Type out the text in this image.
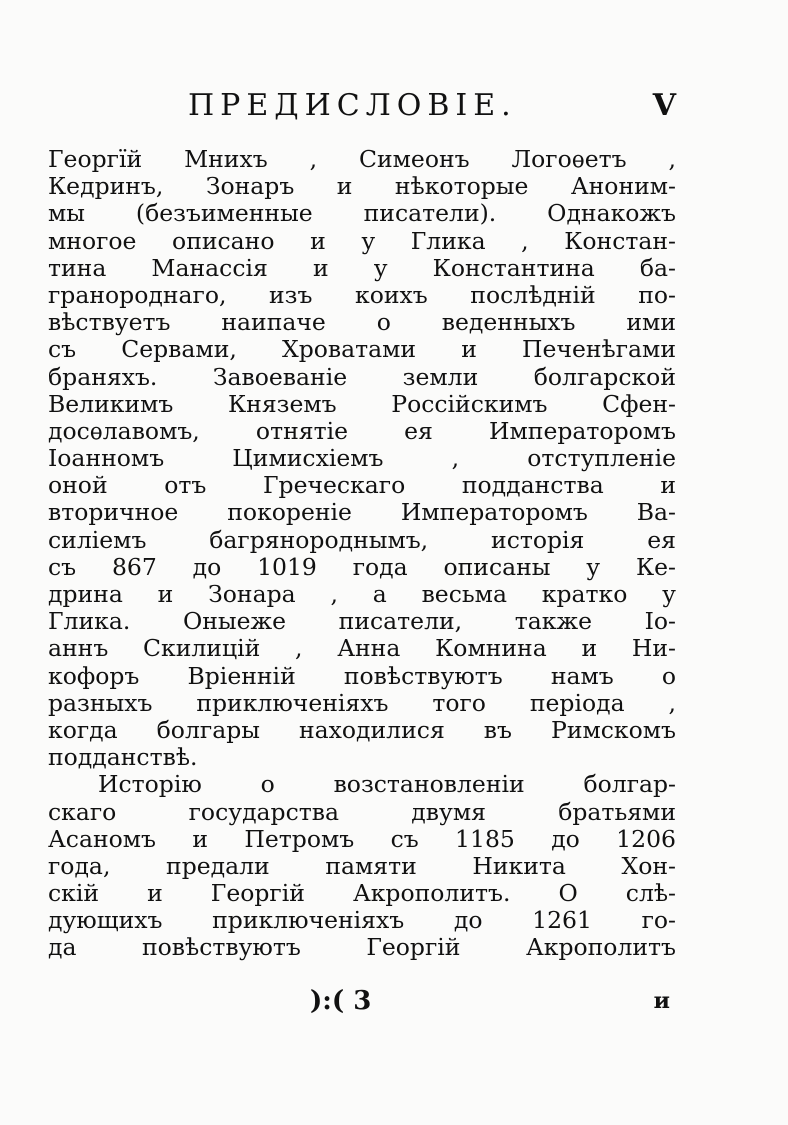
ПРЕДИСЛОВІЕ.	V
Георгїй Мнихъ , Симеонъ Логоѳетъ ,
Кедринъ, Зонаръ и нѣкоторые Аноним-
мы (безъименные писатели). Однакожъ
многое описано и у Глика , Констан-
тина Манассія и у Константина ба-
гранороднаго, изъ коихъ послѣдній по-
вѣствуетъ наипаче о веденныхъ ими
съ Сервами, Хроватами и Печенѣгами
браняхъ. Завоеваніе земли болгарской
Великимъ Княземъ Россійскимъ Сфен-
досѳлавомъ, отнятіе ея Императоромъ
Іоанномъ Цимисхіемъ , отступленіе
оной отъ Греческаго подданства и
вторичное покореніе Императоромъ Ва-
силіемъ багрянороднымъ, исторія ея
съ 867 до 1019 года описаны у Ке-
дрина и Зонара , а весьма кратко у
Глика. Оныежe писатели, также Іо-
аннъ Скилицій , Анна Комнина и Ни-
кофоръ Вріенній повѣствуютъ намъ о
разныхъ приключеніяхъ того періода ,
когда болгары находилися въ Римскомъ
подданствѣ.
Исторію о возстановленіи болгар-
скаго государства двумя братьями
Асаномъ и Петромъ съ 1185 до 1206
года, предали памяти Никита Хон-
скій и Георгій Акрополитъ. О слѣ-
дующихъ приключеніяхъ до 1261 го-
да повѣствуютъ Георгій Акрополитъ
):( 3	и
